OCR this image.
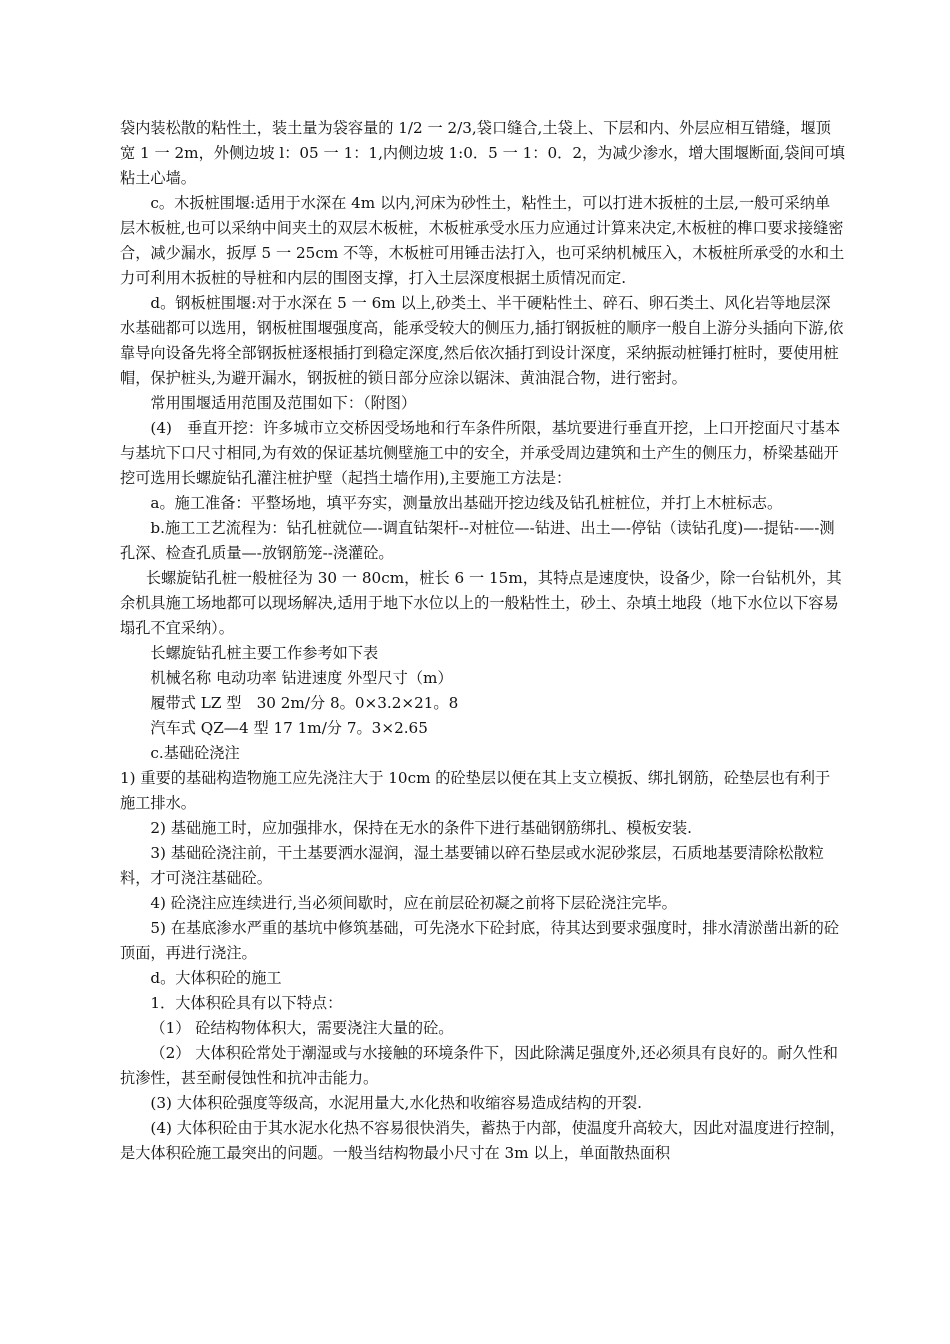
袋内装松散的粘性土，装土量为袋容量的 1/2 一 2/3,袋口缝合,土袋上、下层和内、外层应相互错缝，堰顶宽 1 一 2m，外侧边坡 l：05 一 1：1,内侧边坡 1:0．5 一 1：0．2，为减少渗水，增大围堰断面,袋间可填粘土心墙。

c。木扳桩围堰:适用于水深在 4m 以内,河床为砂性土，粘性土，可以打进木扳桩的土层,一般可采纳单层木板桩,也可以采纳中间夹土的双层木板桩，木板桩承受水压力应通过计算来决定,木板桩的榫口要求接缝密合，减少漏水，扳厚 5 一 25cm 不等，木板桩可用锤击法打入，也可采纳机械压入，木板桩所承受的水和土力可利用木扳桩的导桩和内层的围囹支撑，打入土层深度根据土质情况而定.

d。钢板桩围堰:对于水深在 5 一 6m 以上,砂类土、半干硬粘性土、碎石、卵石类土、风化岩等地层深水基础都可以选用，钢板桩围堰强度高，能承受较大的侧压力,插打钢扳桩的顺序一般自上游分头插向下游,依靠导向设备先将全部钢扳桩逐根插打到稳定深度,然后依次插打到设计深度，采纳振动桩锤打桩时，要使用桩帽，保护桩头,为避开漏水，钢扳桩的锁日部分应涂以锯沫、黄油混合物，进行密封。

常用围堰适用范围及范围如下：（附图）

(4)　垂直开挖：许多城市立交桥因受场地和行车条件所限，基坑要进行垂直开挖，上口开挖面尺寸基本与基坑下口尺寸相同,为有效的保证基坑侧壁施工中的安全，并承受周边建筑和土产生的侧压力，桥梁基础开挖可选用长螺旋钻孔灌注桩护壁（起挡土墙作用),主要施工方法是：

a。施工准备：平整场地，填平夯实，测量放出基础开挖边线及钻孔桩桩位，并打上木桩标志。

b.施工工艺流程为：钻孔桩就位—-调直钻架杆--对桩位—-钻进、出土—-停钻（读钻孔度)—-提钻-—-测孔深、检查孔质量—-放钢筋笼--浇灌砼。

长螺旋钻孔桩一般桩径为 30 一 80cm，桩长 6 一 15m，其特点是速度快，设备少，除一台钻机外，其余机具施工场地都可以现场解决,适用于地下水位以上的一般粘性土，砂土、杂填土地段（地下水位以下容易塌孔不宜采纳）。

长螺旋钻孔桩主要工作参考如下表

机械名称 电动功率 钻进速度 外型尺寸（m）

履带式 LZ 型　30 2m/分 8。0×3.2×21。8

汽车式 QZ—4 型 17 1m/分 7。3×2.65

c.基础砼浇注

1) 重要的基础构造物施工应先浇注大于 10cm 的砼垫层以便在其上支立模扳、绑扎钢筋，砼垫层也有利于施工排水。

2) 基础施工时，应加强排水，保持在无水的条件下进行基础钢筋绑扎、模板安装.

3) 基础砼浇注前，干土基要洒水湿润，湿土基要铺以碎石垫层或水泥砂浆层，石质地基要清除松散粒料，才可浇注基础砼。

4) 砼浇注应连续进行,当必须间歇时，应在前层砼初凝之前将下层砼浇注完毕。

5) 在基底渗水严重的基坑中修筑基础，可先浇水下砼封底，待其达到要求强度时，排水清淤凿出新的砼顶面，再进行浇注。

d。大体积砼的施工

1．大体积砼具有以下特点：

（1） 砼结构物体积大，需要浇注大量的砼。

（2） 大体积砼常处于潮湿或与水接触的环境条件下，因此除满足强度外,还必须具有良好的。耐久性和抗渗性，甚至耐侵蚀性和抗冲击能力。

(3) 大体积砼强度等级高，水泥用量大,水化热和收缩容易造成结构的开裂.

(4) 大体积砼由于其水泥水化热不容易很快消失，蓄热于内部，使温度升高较大，因此对温度进行控制，是大体积砼施工最突出的问题。一般当结构物最小尺寸在 3m 以上，单面散热面积
